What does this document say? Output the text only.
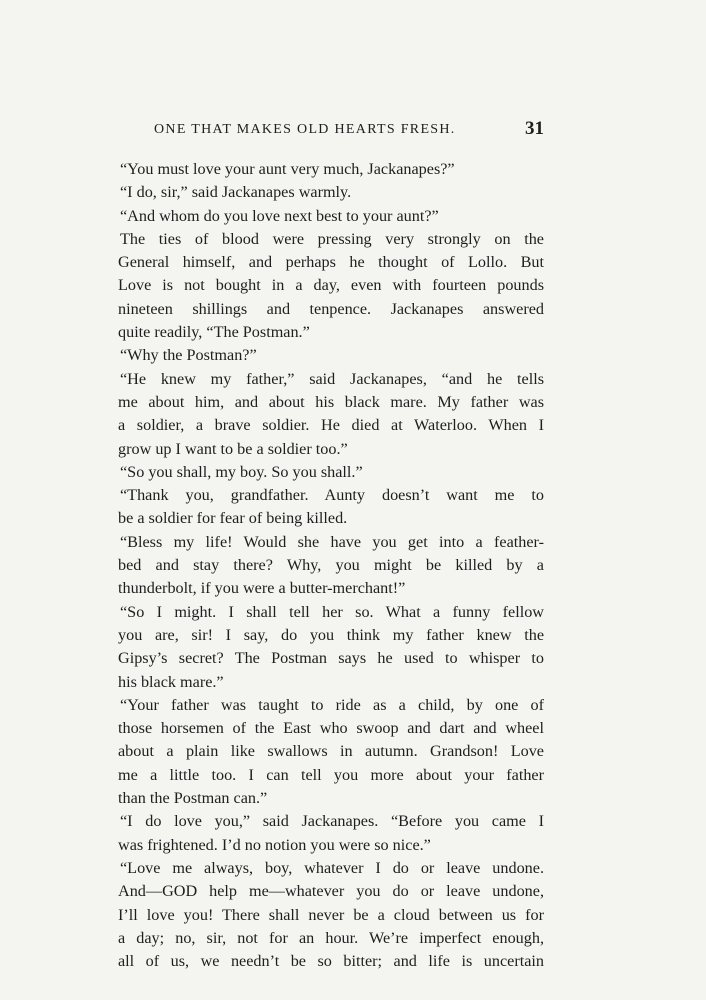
ONE THAT MAKES OLD HEARTS FRESH.	31
“You must love your aunt very much, Jackanapes?”
“I do, sir,” said Jackanapes warmly.
“And whom do you love next best to your aunt?”
The ties of blood were pressing very strongly on the
General himself, and perhaps he thought of Lollo. But
Love is not bought in a day, even with fourteen pounds
nineteen shillings and tenpence. Jackanapes answered
quite readily, “The Postman.”
“Why the Postman?”
“He knew my father,” said Jackanapes, “and he tells
me about him, and about his black mare. My father was
a soldier, a brave soldier. He died at Waterloo. When I
grow up I want to be a soldier too.”
“So you shall, my boy. So you shall.”
“Thank you, grandfather. Aunty doesn’t want me to
be a soldier for fear of being killed.
“Bless my life! Would she have you get into a feather-
bed and stay there? Why, you might be killed by a
thunderbolt, if you were a butter-merchant!”
“So I might. I shall tell her so. What a funny fellow
you are, sir! I say, do you think my father knew the
Gipsy’s secret? The Postman says he used to whisper to
his black mare.”
“Your father was taught to ride as a child, by one of
those horsemen of the East who swoop and dart and wheel
about a plain like swallows in autumn. Grandson! Love
me a little too. I can tell you more about your father
than the Postman can.”
“I do love you,” said Jackanapes. “Before you came I
was frightened. I’d no notion you were so nice.”
“Love me always, boy, whatever I do or leave undone.
And—GOD help me—whatever you do or leave undone,
I’ll love you! There shall never be a cloud between us for
a day; no, sir, not for an hour. We’re imperfect enough,
all of us, we needn’t be so bitter; and life is uncertain
